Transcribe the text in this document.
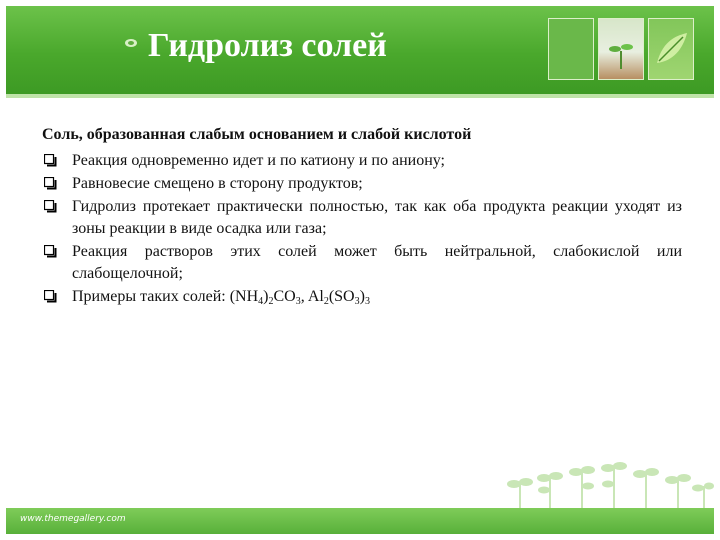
Гидролиз солей

Соль, образованная слабым основанием и слабой кислотой

Реакция одновременно идет и по катиону и по аниону;
Равновесие смещено в сторону продуктов;
Гидролиз протекает практически полностью, так как оба продукта реакции уходят из зоны реакции в виде осадка или газа;
Реакция растворов этих солей может быть нейтральной, слабокислой или слабощелочной;
Примеры таких солей: $(NH_4)_2CO_3$, $Al_2(SO_3)_3$
www.themegallery.com
